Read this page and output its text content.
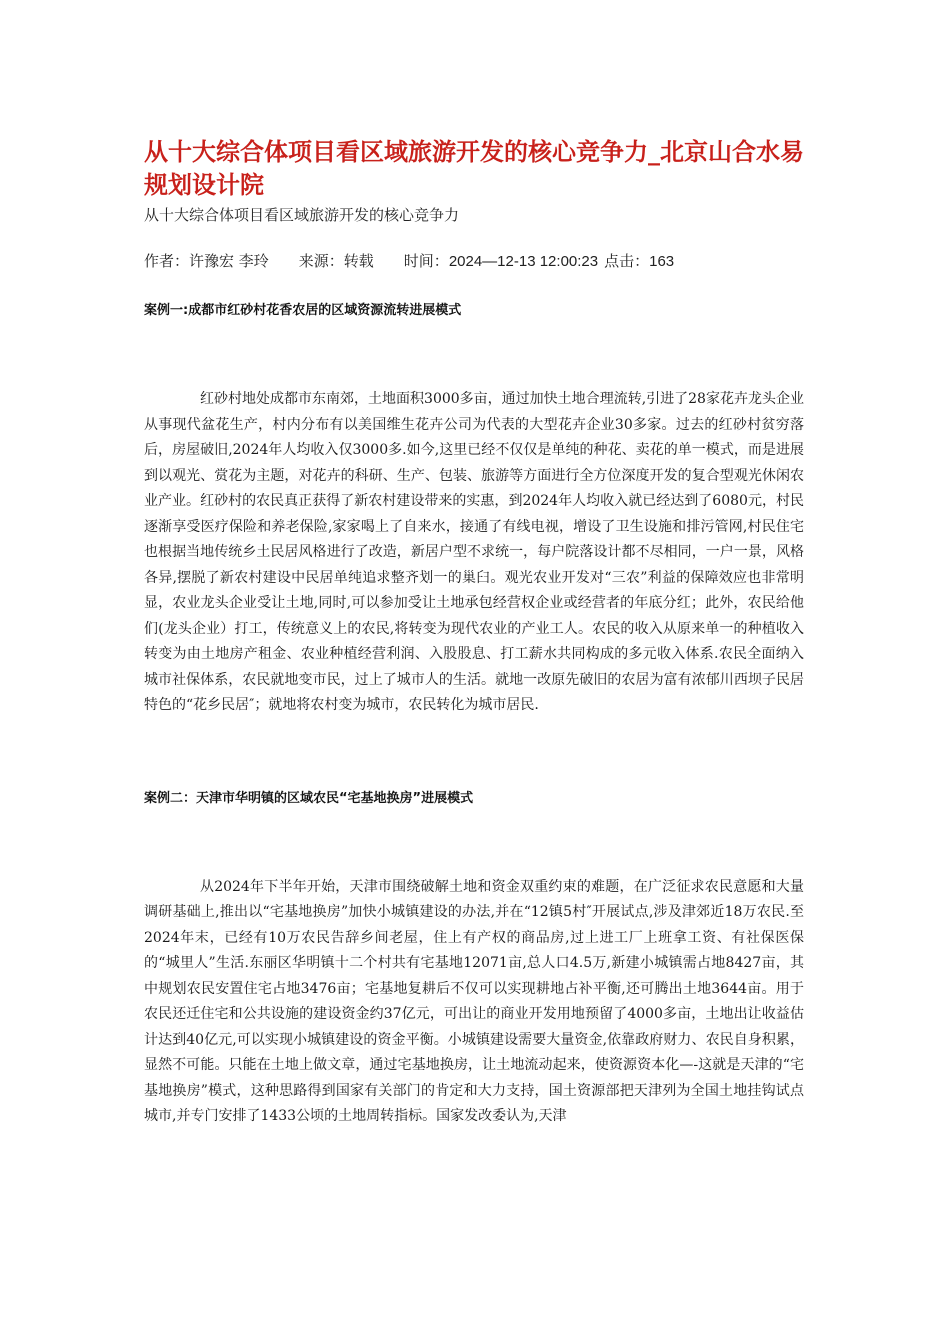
从十大综合体项目看区域旅游开发的核心竞争力_北京山合水易规划设计院
从十大综合体项目看区域旅游开发的核心竞争力
作者：许豫宏 李玲 来源：转载 时间：2024—12-13 12:00:23 点击：163
案例一:成都市红砂村花香农居的区域资源流转进展模式

红砂村地处成都市东南郊，土地面积3000多亩，通过加快土地合理流转,引进了28家花卉龙头企业从事现代盆花生产，村内分布有以美国维生花卉公司为代表的大型花卉企业30多家。过去的红砂村贫穷落后，房屋破旧,2024年人均收入仅3000多.如今,这里已经不仅仅是单纯的种花、卖花的单一模式，而是进展到以观光、赏花为主题，对花卉的科研、生产、包装、旅游等方面进行全方位深度开发的复合型观光休闲农业产业。红砂村的农民真正获得了新农村建设带来的实惠，到2024年人均收入就已经达到了6080元，村民逐渐享受医疗保险和养老保险,家家喝上了自来水，接通了有线电视，增设了卫生设施和排污管网,村民住宅也根据当地传统乡土民居风格进行了改造，新居户型不求统一，每户院落设计都不尽相同，一户一景，风格各异,摆脱了新农村建设中民居单纯追求整齐划一的巢臼。观光农业开发对“三农”利益的保障效应也非常明显，农业龙头企业受让土地,同时,可以参加受让土地承包经营权企业或经营者的年底分红；此外，农民给他们(龙头企业）打工，传统意义上的农民,将转变为现代农业的产业工人。农民的收入从原来单一的种植收入转变为由土地房产租金、农业种植经营利润、入股股息、打工薪水共同构成的多元收入体系.农民全面纳入城市社保体系，农民就地变市民，过上了城市人的生活。就地一改原先破旧的农居为富有浓郁川西坝子民居特色的“花乡民居″；就地将农村变为城市，农民转化为城市居民.

案例二：天津市华明镇的区域农民“宅基地换房”进展模式

从2024年下半年开始，天津市围绕破解土地和资金双重约束的难题，在广泛征求农民意愿和大量调研基础上,推出以“宅基地换房”加快小城镇建设的办法,并在“12镇5村″开展试点,涉及津郊近18万农民.至2024年末，已经有10万农民告辞乡间老屋，住上有产权的商品房,过上进工厂上班拿工资、有社保医保的“城里人”生活.东丽区华明镇十二个村共有宅基地12071亩,总人口4.5万,新建小城镇需占地8427亩，其中规划农民安置住宅占地3476亩；宅基地复耕后不仅可以实现耕地占补平衡,还可腾出土地3644亩。用于农民还迁住宅和公共设施的建设资金约37亿元，可出让的商业开发用地预留了4000多亩，土地出让收益估计达到40亿元,可以实现小城镇建设的资金平衡。小城镇建设需要大量资金,依靠政府财力、农民自身积累，显然不可能。只能在土地上做文章，通过宅基地换房，让土地流动起来，使资源资本化—-这就是天津的“宅基地换房”模式，这种思路得到国家有关部门的肯定和大力支持，国土资源部把天津列为全国土地挂钩试点城市,并专门安排了1433公顷的土地周转指标。国家发改委认为,天津
